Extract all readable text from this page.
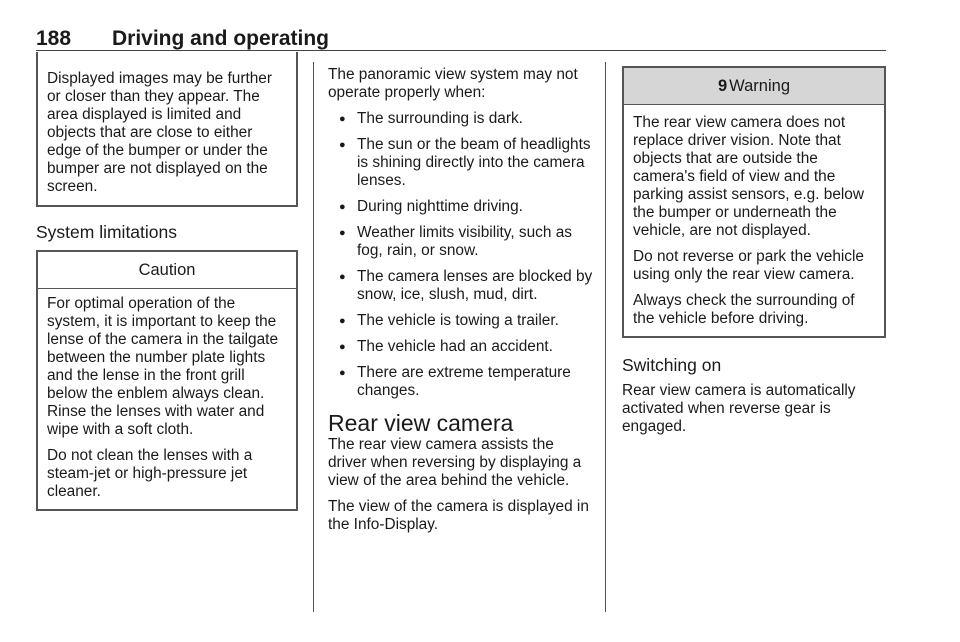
188 Driving and operating

Displayed images may be further or closer than they appear. The area displayed is limited and objects that are close to either edge of the bumper or under the bumper are not displayed on the screen.

System limitations

Caution

For optimal operation of the system, it is important to keep the lense of the camera in the tailgate between the number plate lights and the lense in the front grill below the enblem always clean. Rinse the lenses with water and wipe with a soft cloth.

Do not clean the lenses with a steam-jet or high-pressure jet cleaner.

The panoramic view system may not operate properly when:

● The surrounding is dark.
● The sun or the beam of headlights is shining directly into the camera lenses.
● During nighttime driving.
● Weather limits visibility, such as fog, rain, or snow.
● The camera lenses are blocked by snow, ice, slush, mud, dirt.
● The vehicle is towing a trailer.
● The vehicle had an accident.
● There are extreme temperature changes.

Rear view camera

The rear view camera assists the driver when reversing by displaying a view of the area behind the vehicle.

The view of the camera is displayed in the Info-Display.

9 Warning

The rear view camera does not replace driver vision. Note that objects that are outside the camera's field of view and the parking assist sensors, e.g. below the bumper or underneath the vehicle, are not displayed.

Do not reverse or park the vehicle using only the rear view camera.

Always check the surrounding of the vehicle before driving.

Switching on

Rear view camera is automatically activated when reverse gear is engaged.
